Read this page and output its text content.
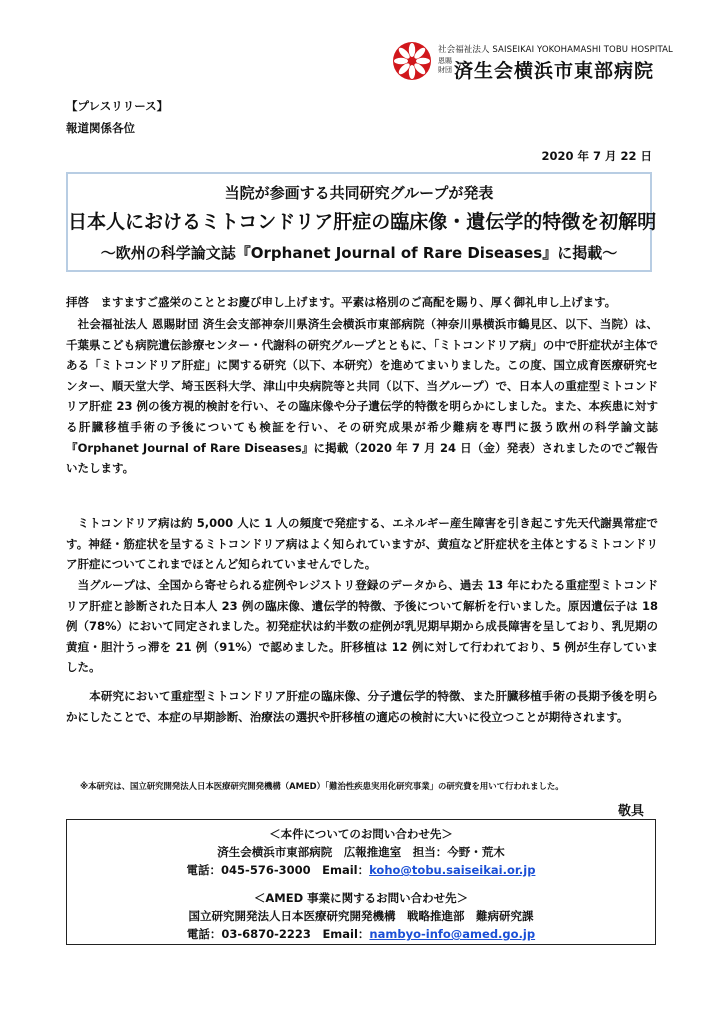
社会福祉法人 SAISEIKAI YOKOHAMASHI TOBU HOSPITAL
恩賜財団 済生会横浜市東部病院
【プレスリリース】
報道関係各位
2020 年 7 月 22 日
当院が参画する共同研究グループが発表
日本人におけるミトコンドリア肝症の臨床像・遺伝学的特徴を初解明
～欧州の科学論文誌『Orphanet Journal of Rare Diseases』に掲載～
拝啓　ますますご盛栄のこととお慶び申し上げます。平素は格別のご高配を賜り、厚く御礼申し上げます。
　社会福祉法人 恩賜財団 済生会支部神奈川県済生会横浜市東部病院（神奈川県横浜市鶴見区、以下、当院）は、千葉県こども病院遺伝診療センター・代謝科の研究グループとともに、「ミトコンドリア病」の中で肝症状が主体である「ミトコンドリア肝症」に関する研究（以下、本研究）を進めてまいりました。この度、国立成育医療研究センター、順天堂大学、埼玉医科大学、津山中央病院等と共同（以下、当グループ）で、日本人の重症型ミトコンドリア肝症 23 例の後方視的検討を行い、その臨床像や分子遺伝学的特徴を明らかにしました。また、本疾患に対する肝臓移植手術の予後についても検証を行い、その研究成果が希少難病を専門に扱う欧州の科学論文誌『Orphanet Journal of Rare Diseases』に掲載（2020 年 7 月 24 日（金）発表）されましたのでご報告いたします。
　ミトコンドリア病は約 5,000 人に 1 人の頻度で発症する、エネルギー産生障害を引き起こす先天代謝異常症です。神経・筋症状を呈するミトコンドリア病はよく知られていますが、黄疸など肝症状を主体とするミトコンドリア肝症についてこれまでほとんど知られていませんでした。
　当グループは、全国から寄せられる症例やレジストリ登録のデータから、過去 13 年にわたる重症型ミトコンドリア肝症と診断された日本人 23 例の臨床像、遺伝学的特徴、予後について解析を行いました。原因遺伝子は 18 例（78%）において同定されました。初発症状は約半数の症例が乳児期早期から成長障害を呈しており、乳児期の黄疸・胆汁うっ滞を 21 例（91%）で認めました。肝移植は 12 例に対して行われており、5 例が生存していました。
　　本研究において重症型ミトコンドリア肝症の臨床像、分子遺伝学的特徴、また肝臓移植手術の長期予後を明らかにしたことで、本症の早期診断、治療法の選択や肝移植の適応の検討に大いに役立つことが期待されます。
※本研究は、国立研究開発法人日本医療研究開発機構（AMED）「難治性疾患実用化研究事業」の研究費を用いて行われました。
敬具
＜本件についてのお問い合わせ先＞
済生会横浜市東部病院　広報推進室　担当：今野・荒木
電話：045-576-3000　Email：koho@tobu.saiseikai.or.jp
＜AMED 事業に関するお問い合わせ先＞
国立研究開発法人日本医療研究開発機構　戦略推進部　難病研究課
電話：03-6870-2223　Email：nambyo-info@amed.go.jp
